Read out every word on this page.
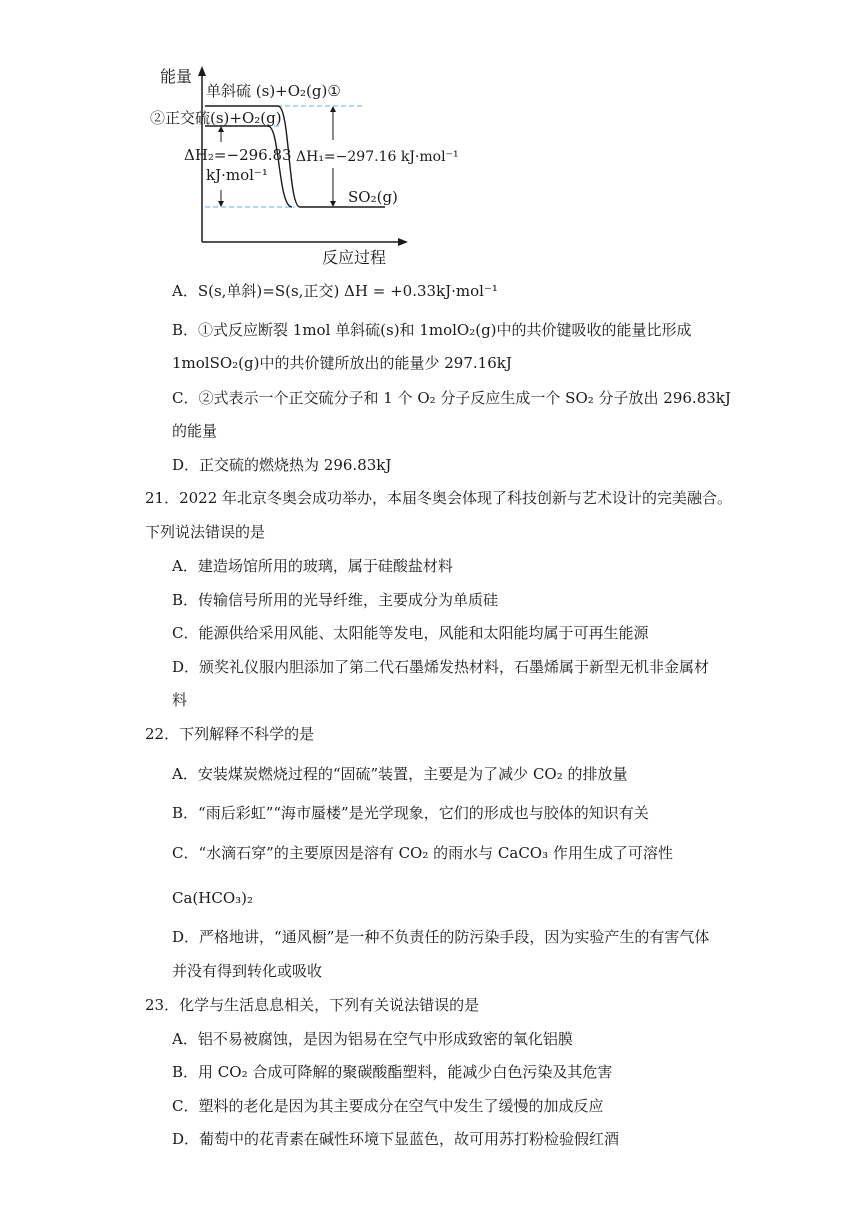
能量
单斜硫 (s)+O₂(g)①
②正交硫(s)+O₂(g)
ΔH₂=−296.83
kJ·mol⁻¹
ΔH₁=−297.16 kJ·mol⁻¹
SO₂(g)
反应过程
A．S(s,单斜)=S(s,正交) ΔH = +0.33kJ·mol⁻¹
B．①式反应断裂 1mol 单斜硫(s)和 1molO₂(g)中的共价键吸收的能量比形成
1molSO₂(g)中的共价键所放出的能量少 297.16kJ
C．②式表示一个正交硫分子和 1 个 O₂ 分子反应生成一个 SO₂ 分子放出 296.83kJ
的能量
D．正交硫的燃烧热为 296.83kJ
21．2022 年北京冬奥会成功举办，本届冬奥会体现了科技创新与艺术设计的完美融合。
下列说法错误的是
A．建造场馆所用的玻璃，属于硅酸盐材料
B．传输信号所用的光导纤维，主要成分为单质硅
C．能源供给采用风能、太阳能等发电，风能和太阳能均属于可再生能源
D．颁奖礼仪服内胆添加了第二代石墨烯发热材料，石墨烯属于新型无机非金属材
料
22．下列解释不科学的是
A．安装煤炭燃烧过程的“固硫”装置，主要是为了减少 CO₂ 的排放量
B．“雨后彩虹”“海市蜃楼”是光学现象，它们的形成也与胶体的知识有关
C．“水滴石穿”的主要原因是溶有 CO₂ 的雨水与 CaCO₃ 作用生成了可溶性
Ca(HCO₃)₂
D．严格地讲，“通风橱”是一种不负责任的防污染手段，因为实验产生的有害气体
并没有得到转化或吸收
23．化学与生活息息相关，下列有关说法错误的是
A．铝不易被腐蚀，是因为铝易在空气中形成致密的氧化铝膜
B．用 CO₂ 合成可降解的聚碳酸酯塑料，能减少白色污染及其危害
C．塑料的老化是因为其主要成分在空气中发生了缓慢的加成反应
D．葡萄中的花青素在碱性环境下显蓝色，故可用苏打粉检验假红酒
